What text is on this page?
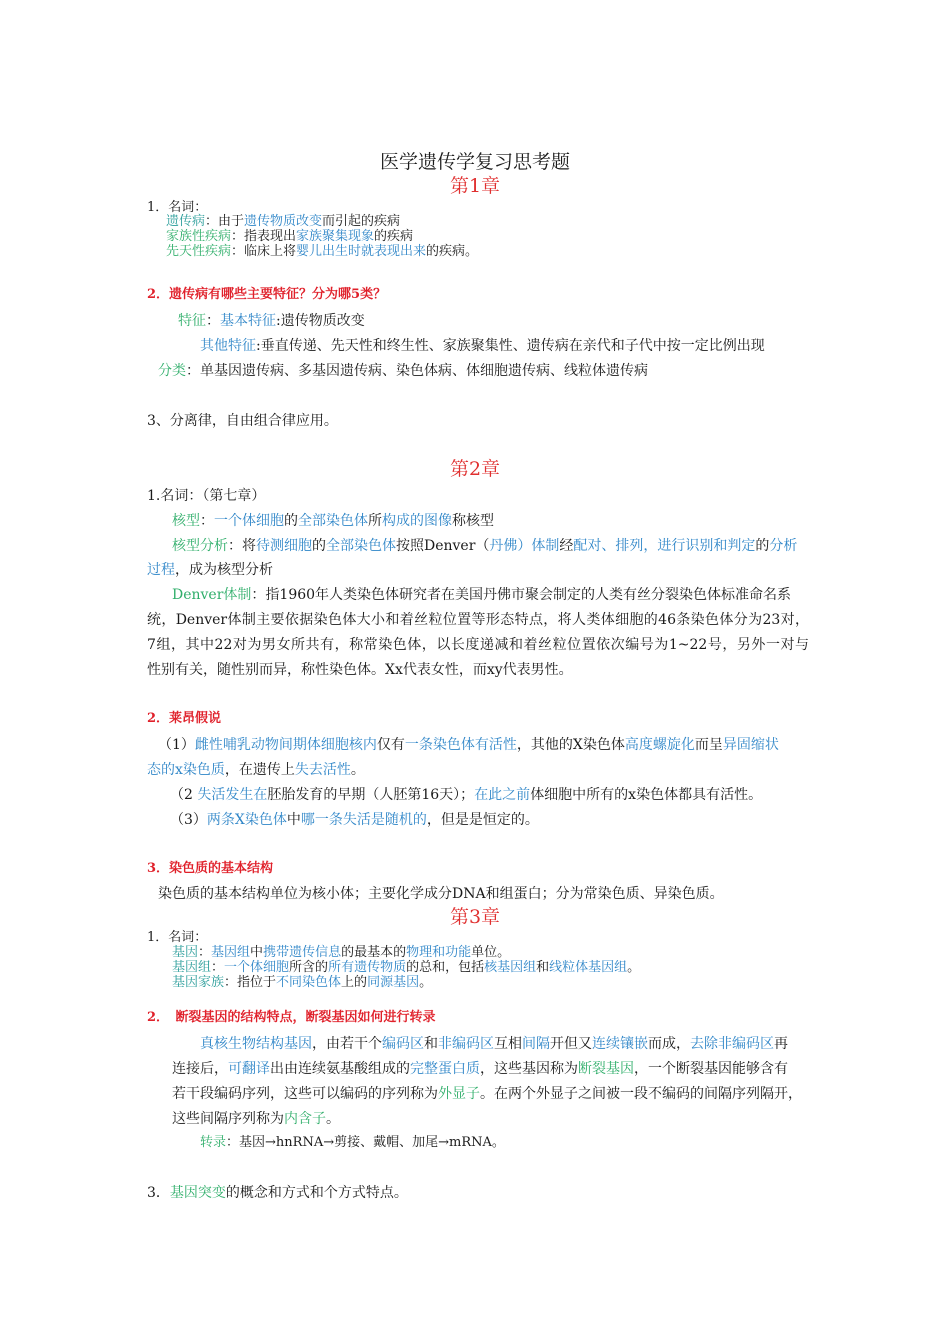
医学遗传学复习思考题
第1章
1．名词：
遗传病：由于遗传物质改变而引起的疾病
家族性疾病：指表现出家族聚集现象的疾病
先天性疾病：临床上将婴儿出生时就表现出来的疾病。
2．遗传病有哪些主要特征？分为哪5类？
特征：基本特征:遗传物质改变
其他特征:垂直传递、先天性和终生性、家族聚集性、遗传病在亲代和子代中按一定比例出现
分类：单基因遗传病、多基因遗传病、染色体病、体细胞遗传病、线粒体遗传病
3、分离律，自由组合律应用。
第2章
1.名词：（第七章）
核型：一个体细胞的全部染色体所构成的图像称核型
核型分析：将待测细胞的全部染色体按照Denver（丹佛）体制经配对、排列，进行识别和判定的分析
过程，成为核型分析
Denver体制：指1960年人类染色体研究者在美国丹佛市聚会制定的人类有丝分裂染色体标准命名系
统，Denver体制主要依据染色体大小和着丝粒位置等形态特点，将人类体细胞的46条染色体分为23对，
7组，其中22对为男女所共有，称常染色体，以长度递减和着丝粒位置依次编号为1~22号，另外一对与
性别有关，随性别而异，称性染色体。Xx代表女性，而xy代表男性。
2．莱昂假说
（1）雌性哺乳动物间期体细胞核内仅有一条染色体有活性，其他的X染色体高度螺旋化而呈异固缩状
态的x染色质，在遗传上失去活性。
（2 失活发生在胚胎发育的早期（人胚第16天）；在此之前体细胞中所有的x染色体都具有活性。
（3）两条X染色体中哪一条失活是随机的，但是是恒定的。
3．染色质的基本结构
染色质的基本结构单位为核小体；主要化学成分DNA和组蛋白；分为常染色质、异染色质。
第3章
1．名词：
基因：基因组中携带遗传信息的最基本的物理和功能单位。
基因组：一个体细胞所含的所有遗传物质的总和，包括核基因组和线粒体基因组。
基因家族：指位于不同染色体上的同源基因。
2．　断裂基因的结构特点，断裂基因如何进行转录
真核生物结构基因，由若干个编码区和非编码区互相间隔开但又连续镶嵌而成，去除非编码区再
连接后，可翻译出由连续氨基酸组成的完整蛋白质，这些基因称为断裂基因，一个断裂基因能够含有
若干段编码序列，这些可以编码的序列称为外显子。在两个外显子之间被一段不编码的间隔序列隔开，
这些间隔序列称为内含子。
转录：基因→hnRNA→剪接、戴帽、加尾→mRNA。
3．基因突变的概念和方式和个方式特点。
